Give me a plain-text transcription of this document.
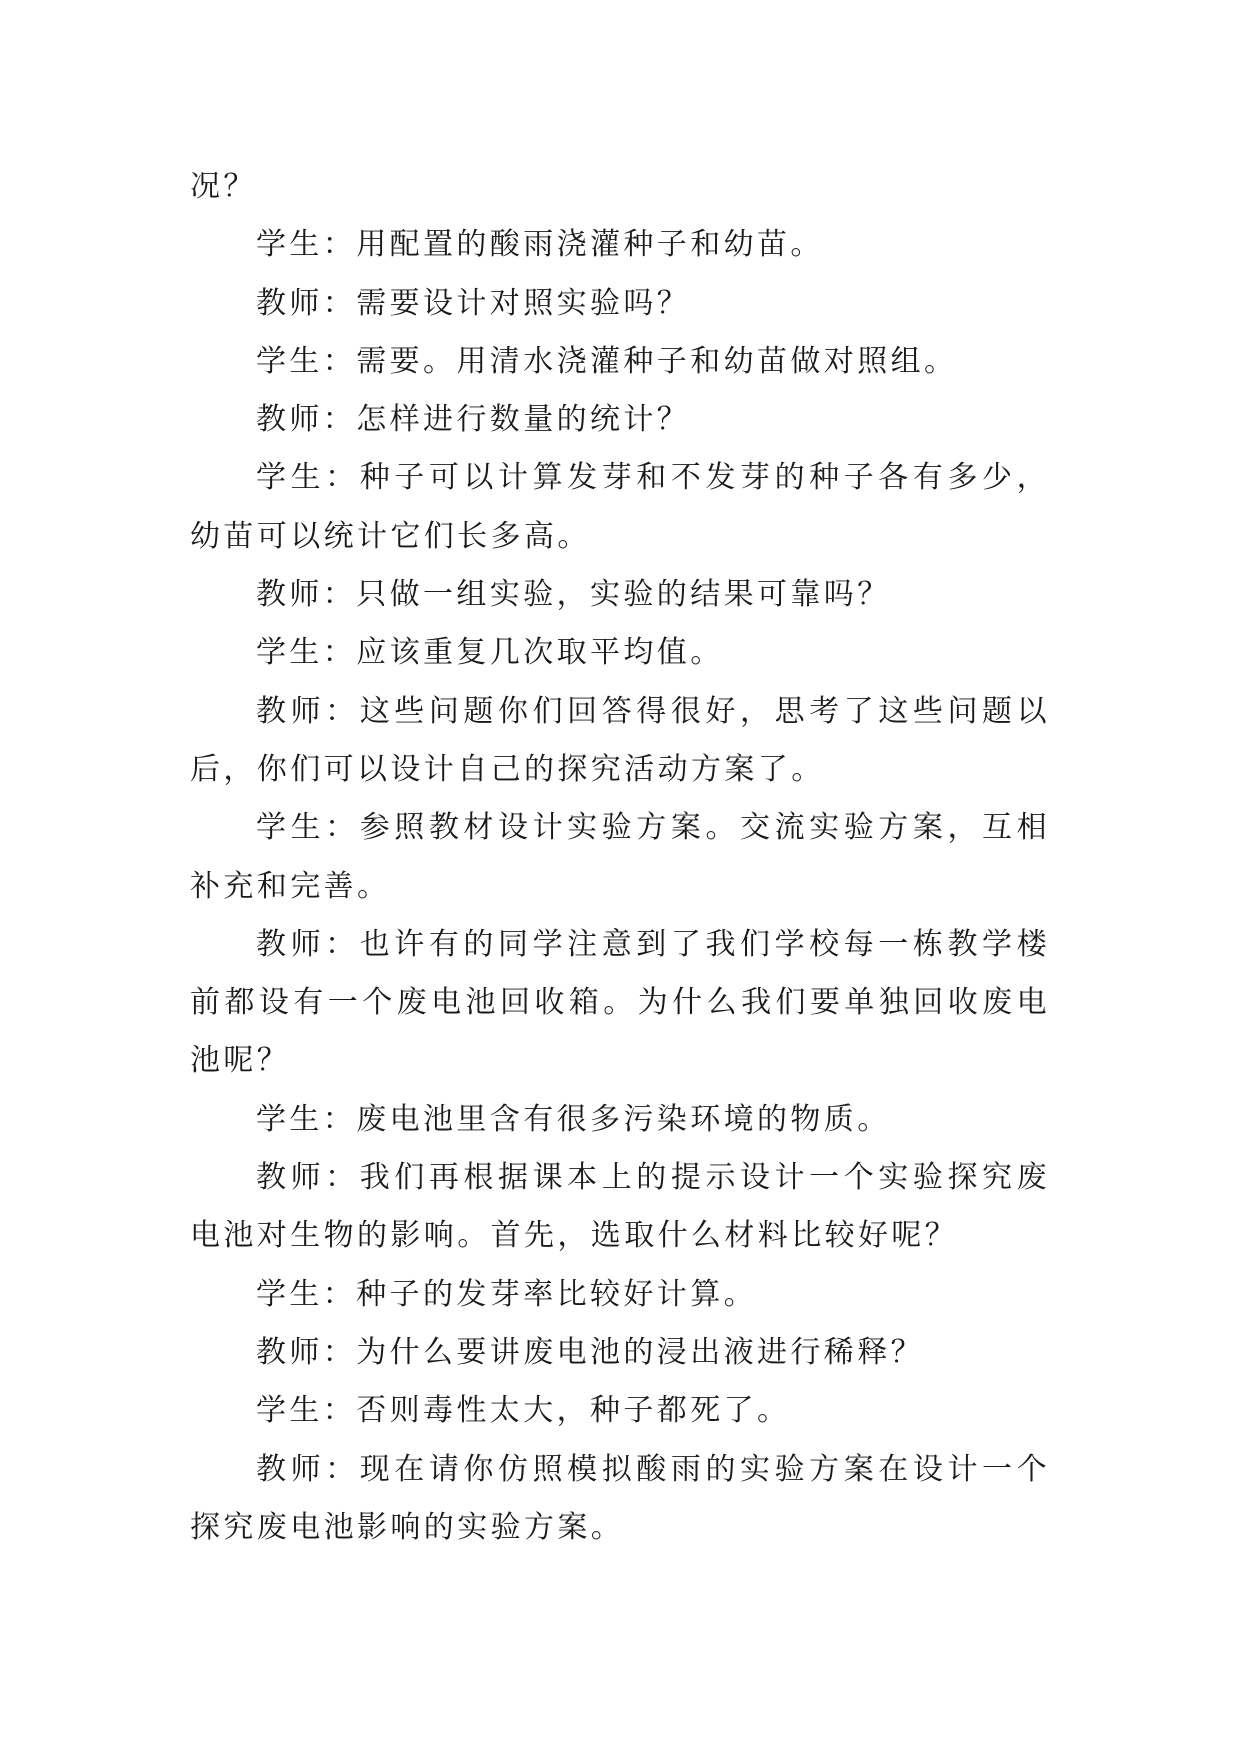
况？

学生：用配置的酸雨浇灌种子和幼苗。

教师：需要设计对照实验吗？

学生：需要。用清水浇灌种子和幼苗做对照组。

教师：怎样进行数量的统计？

学生：种子可以计算发芽和不发芽的种子各有多少，幼苗可以统计它们长多高。

教师：只做一组实验，实验的结果可靠吗？

学生：应该重复几次取平均值。

教师：这些问题你们回答得很好，思考了这些问题以后，你们可以设计自己的探究活动方案了。

学生：参照教材设计实验方案。交流实验方案，互相补充和完善。

教师：也许有的同学注意到了我们学校每一栋教学楼前都设有一个废电池回收箱。为什么我们要单独回收废电池呢？

学生：废电池里含有很多污染环境的物质。

教师：我们再根据课本上的提示设计一个实验探究废电池对生物的影响。首先，选取什么材料比较好呢？

学生：种子的发芽率比较好计算。

教师：为什么要讲废电池的浸出液进行稀释？

学生：否则毒性太大，种子都死了。

教师：现在请你仿照模拟酸雨的实验方案在设计一个探究废电池影响的实验方案。
